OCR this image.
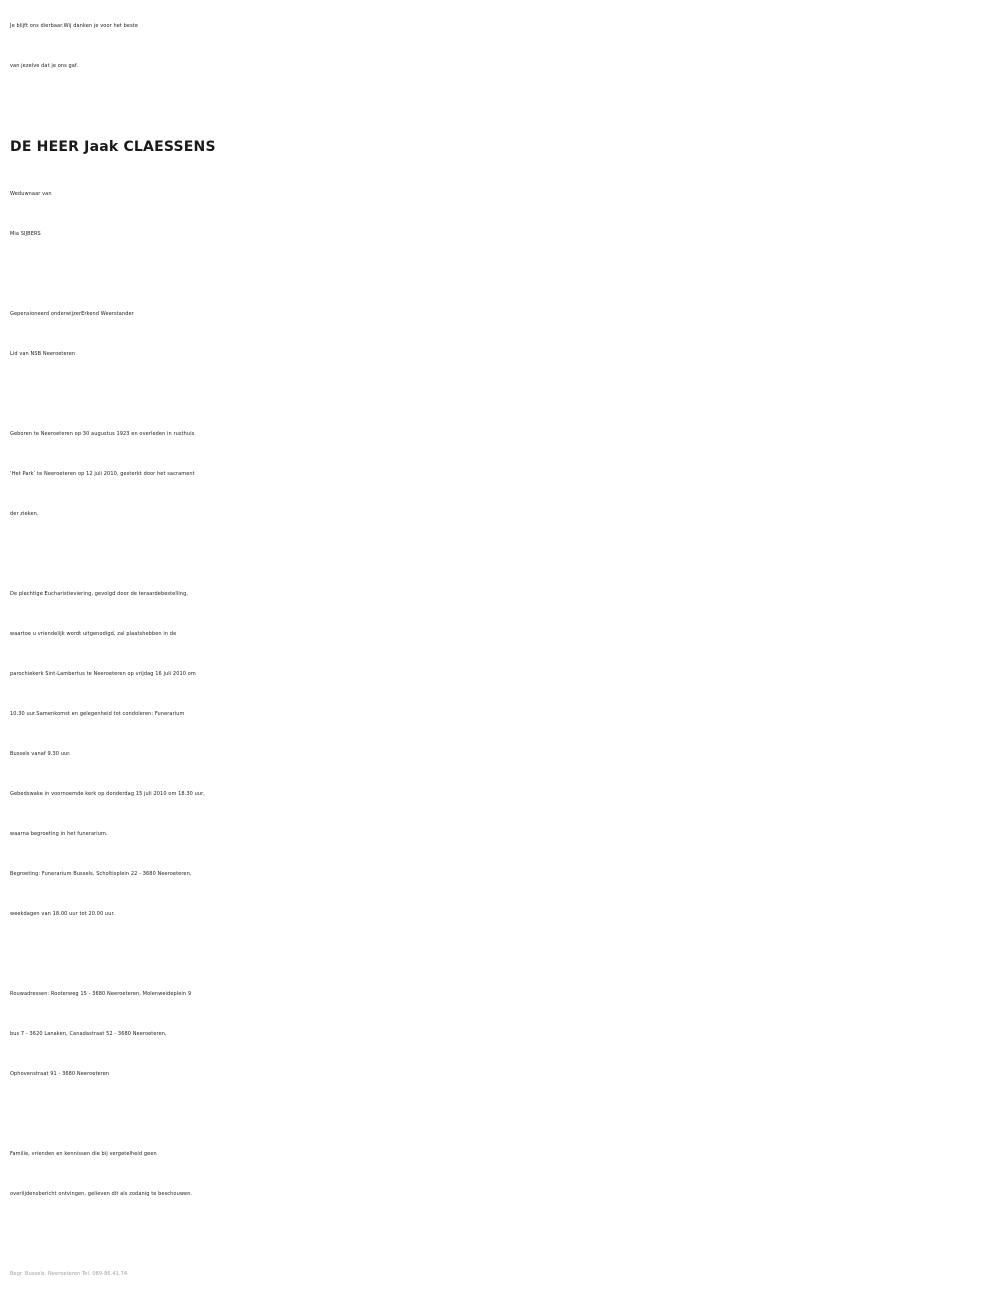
Je blijft ons dierbaar.Wij danken je voor het beste
van jezelve dat je ons gaf.
DE HEER Jaak CLAESSENS
Weduwnaar van
Mia SIJBERS
Gepensioneerd onderwijzerErkend Weerstander
Lid van NSB Neeroeteren
Geboren te Neeroeteren op 30 augustus 1923 en overleden in rusthuis
‘Het Park’ te Neeroeteren op 12 juli 2010, gesterkt door het sacrament
der zieken.
De plechtige Eucharistieviering, gevolgd door de teraardebestelling,
waartoe u vriendelijk wordt uitgenodigd, zal plaatshebben in de
parochiekerk Sint-Lambertus te Neeroeteren op vrijdag 16 juli 2010 om
10.30 uur.Samenkomst en gelegenheid tot condoleren: Funerarium
Bussels vanaf 9.30 uur.
Gebedswake in voornoemde kerk op donderdag 15 juli 2010 om 18.30 uur,
waarna begroeting in het funerarium.
Begroeting: Funerarium Bussels, Scholtisplein 22 - 3680 Neeroeteren,
weekdagen van 18.00 uur tot 20.00 uur.
Rouwadressen: Rooterweg 15 - 3680 Neeroeteren, Molenweideplein 9
bus 7 - 3620 Lanaken, Canadastraat 52 - 3680 Neeroeteren,
Ophovenstraat 91 - 3680 Neeroeteren
Familie, vrienden en kennissen die bij vergetelheid geen
overlijdensbericht ontvingen, gelieven dit als zodanig te beschouwen.
Begr. Bussels, Neeroeteren Tel. 089-86.41.74.
